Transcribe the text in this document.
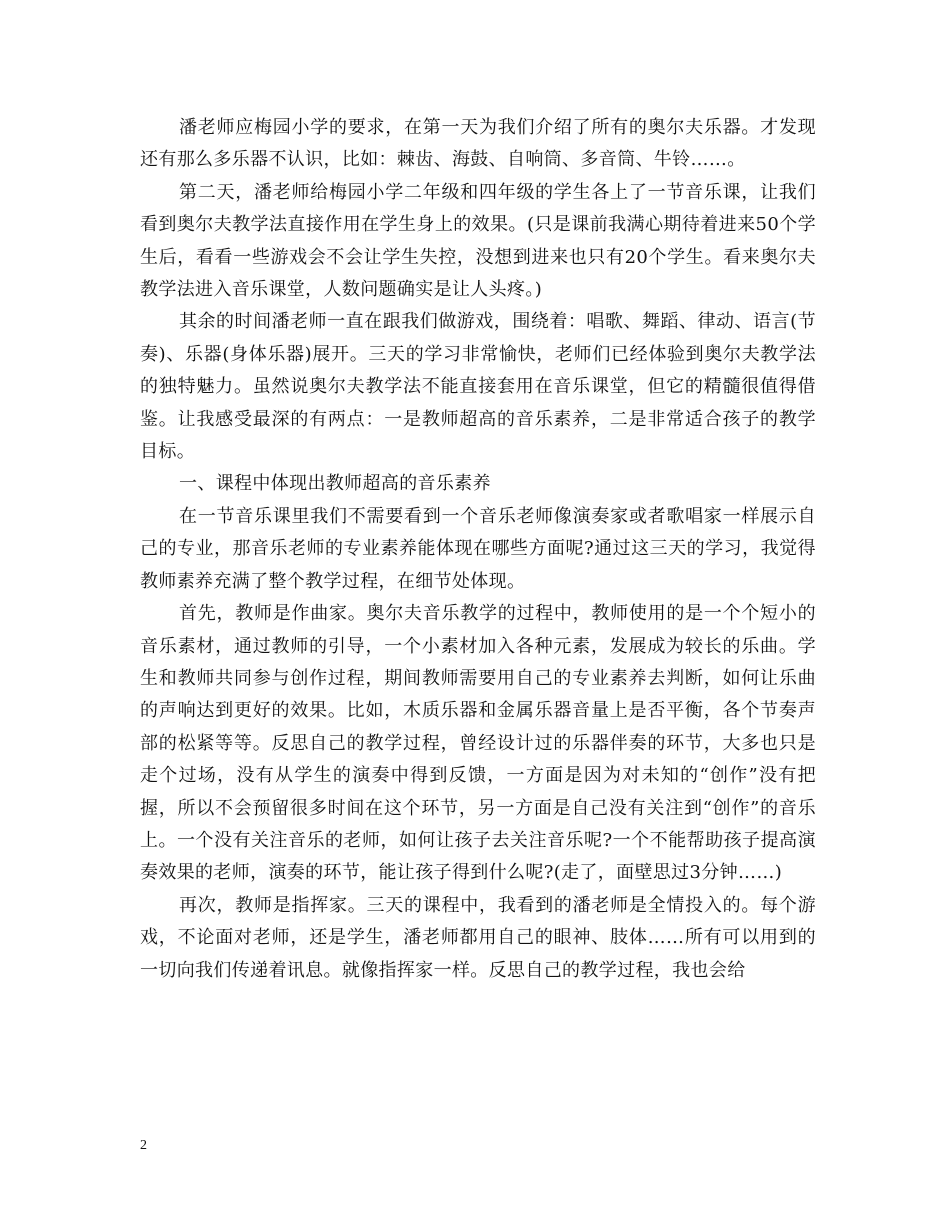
潘老师应梅园小学的要求，在第一天为我们介绍了所有的奥尔夫乐器。才发现还有那么多乐器不认识，比如：棘齿、海鼓、自响筒、多音筒、牛铃……。

第二天，潘老师给梅园小学二年级和四年级的学生各上了一节音乐课，让我们看到奥尔夫教学法直接作用在学生身上的效果。(只是课前我满心期待着进来50个学生后，看看一些游戏会不会让学生失控，没想到进来也只有20个学生。看来奥尔夫教学法进入音乐课堂，人数问题确实是让人头疼。)

其余的时间潘老师一直在跟我们做游戏，围绕着：唱歌、舞蹈、律动、语言(节奏)、乐器(身体乐器)展开。三天的学习非常愉快，老师们已经体验到奥尔夫教学法的独特魅力。虽然说奥尔夫教学法不能直接套用在音乐课堂，但它的精髓很值得借鉴。让我感受最深的有两点：一是教师超高的音乐素养，二是非常适合孩子的教学目标。

一、课程中体现出教师超高的音乐素养

在一节音乐课里我们不需要看到一个音乐老师像演奏家或者歌唱家一样展示自己的专业，那音乐老师的专业素养能体现在哪些方面呢?通过这三天的学习，我觉得教师素养充满了整个教学过程，在细节处体现。

首先，教师是作曲家。奥尔夫音乐教学的过程中，教师使用的是一个个短小的音乐素材，通过教师的引导，一个小素材加入各种元素，发展成为较长的乐曲。学生和教师共同参与创作过程，期间教师需要用自己的专业素养去判断，如何让乐曲的声响达到更好的效果。比如，木质乐器和金属乐器音量上是否平衡，各个节奏声部的松紧等等。反思自己的教学过程，曾经设计过的乐器伴奏的环节，大多也只是走个过场，没有从学生的演奏中得到反馈，一方面是因为对未知的“创作”没有把握，所以不会预留很多时间在这个环节，另一方面是自己没有关注到“创作”的音乐上。一个没有关注音乐的老师，如何让孩子去关注音乐呢?一个不能帮助孩子提高演奏效果的老师，演奏的环节，能让孩子得到什么呢?(走了，面壁思过3分钟……)

再次，教师是指挥家。三天的课程中，我看到的潘老师是全情投入的。每个游戏，不论面对老师，还是学生，潘老师都用自己的眼神、肢体……所有可以用到的一切向我们传递着讯息。就像指挥家一样。反思自己的教学过程，我也会给

2
